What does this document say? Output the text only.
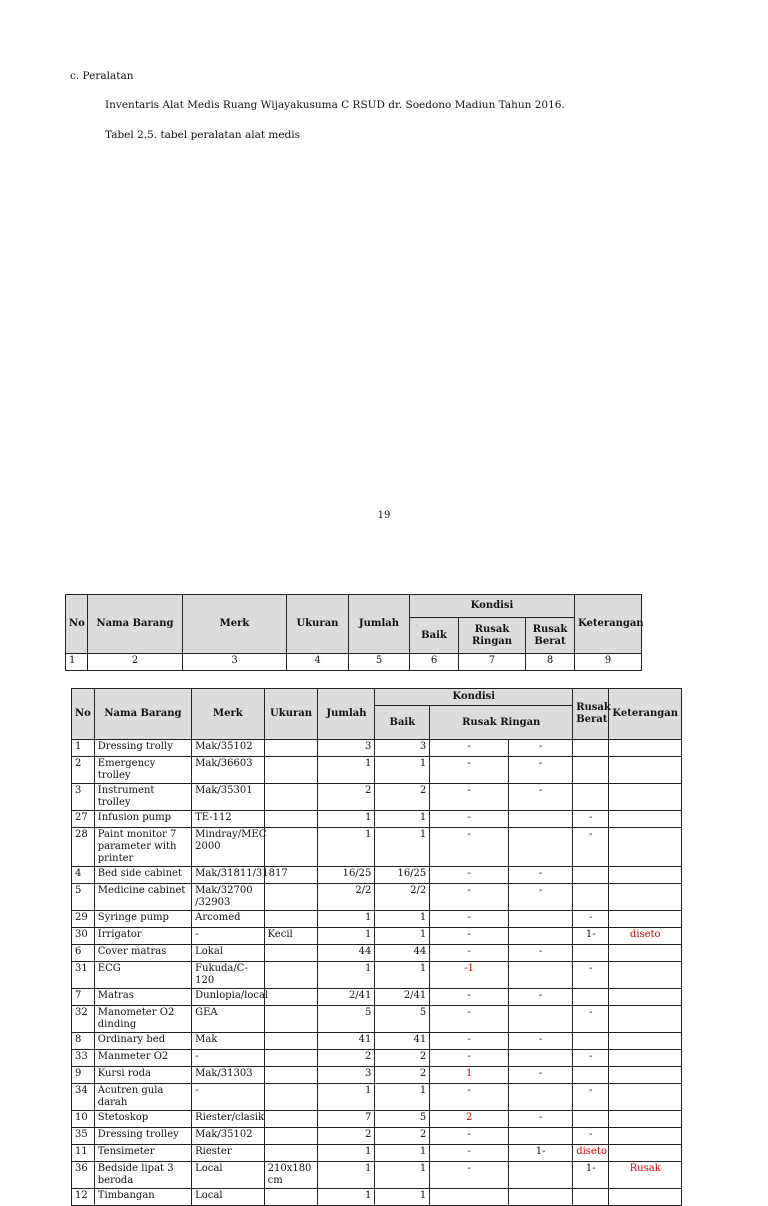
c. Peralatan
Inventaris Alat Medis Ruang Wijayakusuma C RSUD dr. Soedono Madiun Tahun 2016.
Tabel 2.5. tabel peralatan alat medis
19
No	Nama Barang	Merk	Ukuran	Jumlah	Kondisi			Keterangan
					Baik	Rusak Ringan	Rusak Berat	
1	2	3	4	5	6	7	8	9
No	Nama Barang	Merk	Ukuran	Jumlah	Kondisi			Rusak Berat	Keterangan
					Baik	Rusak Ringan			
1	Dressing trolly	Mak/35102		3	3	-	-		
2	Emergency trolley	Mak/36603		1	1	-	-		
3	Instrument trolley	Mak/35301		2	2	-	-		
27	Infusion pump	TE-112		1	1	-		-	
28	Paint monitor 7 parameter with printer	Mindray/MEC 2000		1	1	-		-	
4	Bed side cabinet	Mak/31811/31817		16/25	16/25	-	-		
5	Medicine cabinet	Mak/32700 /32903		2/2	2/2	-	-		
29	Syringe pump	Arcomed		1	1	-		-	
30	Irrigator	-	Kecil	1	1	-		1-	diseto
6	Cover matras	Lokal		44	44	-	-		
31	ECG	Fukuda/C-120		1	1	-1		-	
7	Matras	Dunlopia/local		2/41	2/41	-	-		
32	Manometer O2 dinding	GEA		5	5	-		-	
8	Ordinary bed	Mak		41	41	-	-		
33	Manmeter O2	-		2	2	-		-	
9	Kursi roda	Mak/31303		3	2	1	-		
34	Acutren gula darah	-		1	1	-		-	
10	Stetoskop	Riester/clasik		7	5	2	-		
35	Dressing trolley	Mak/35102		2	2	-		-	
11	Tensimeter	Riester		1	1	-	1-	diseto	
36	Bedside lipat 3 beroda	Local	210x180 cm	1	1	-		1-	Rusak
12	Timbangan	Local		1	1				
